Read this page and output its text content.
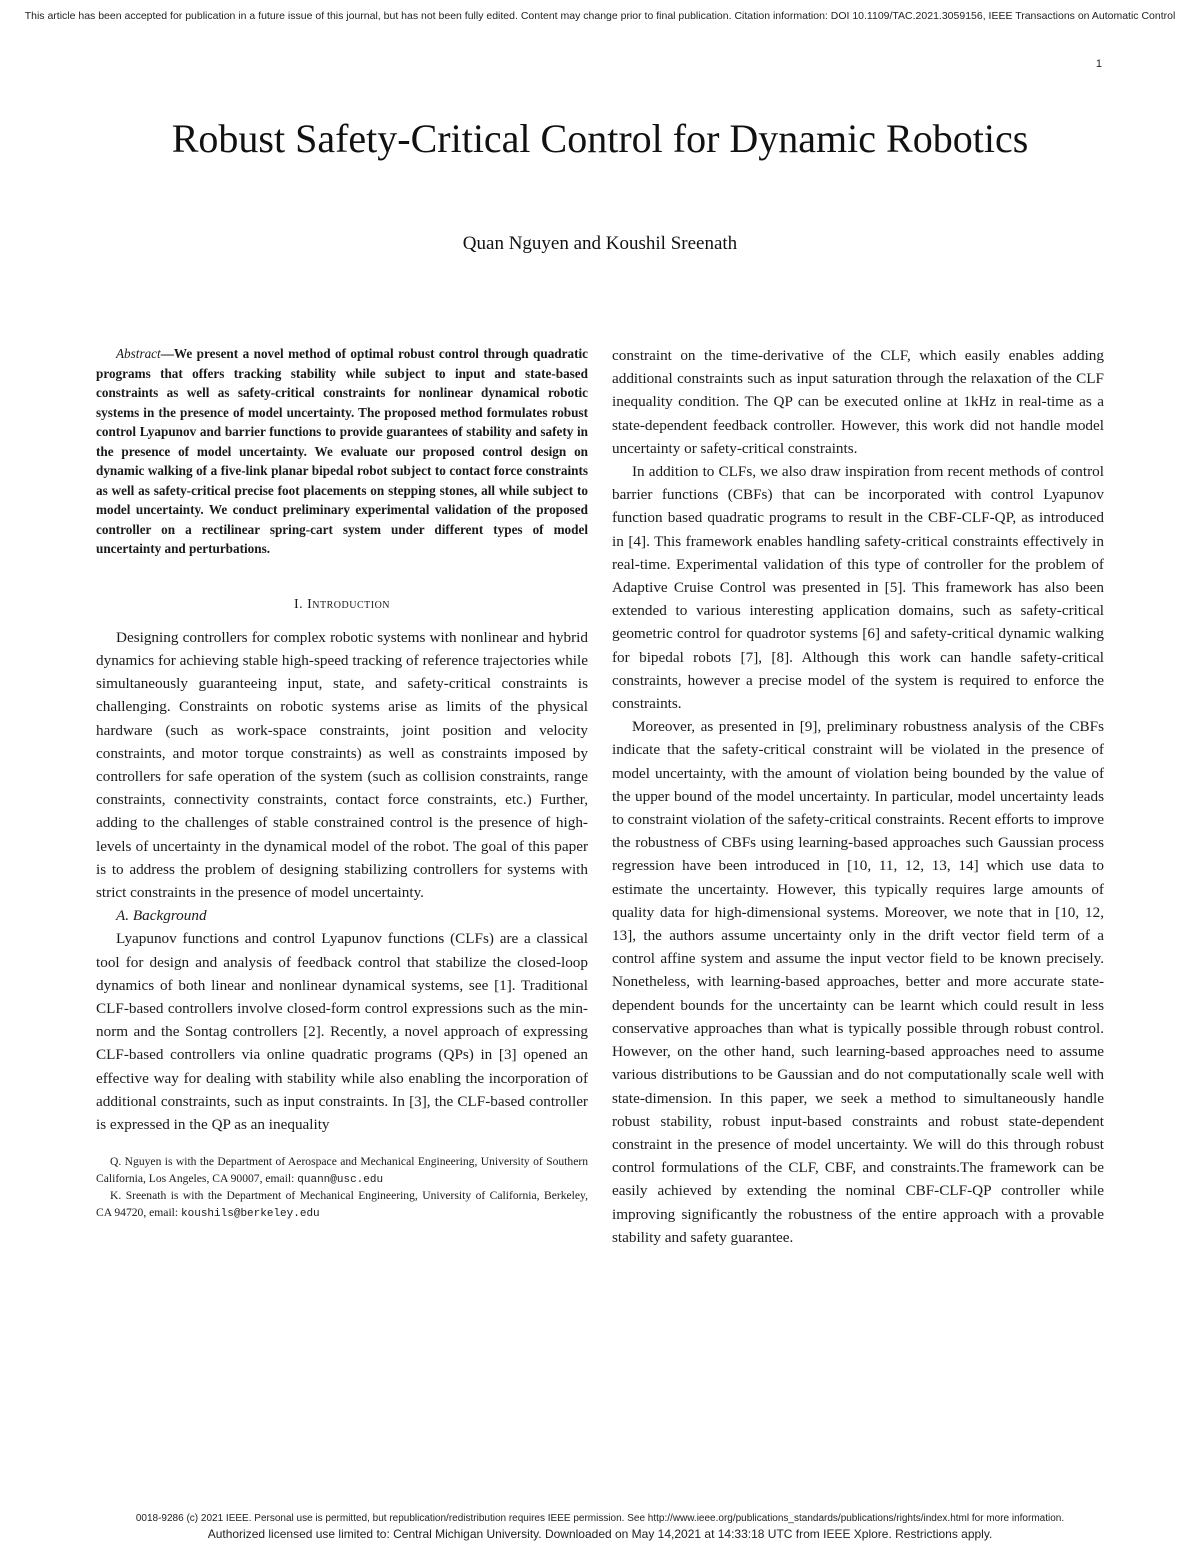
This article has been accepted for publication in a future issue of this journal, but has not been fully edited. Content may change prior to final publication. Citation information: DOI 10.1109/TAC.2021.3059156, IEEE Transactions on Automatic Control
1
Robust Safety-Critical Control for Dynamic Robotics
Quan Nguyen and Koushil Sreenath

Abstract—We present a novel method of optimal robust control through quadratic programs that offers tracking stability while subject to input and state-based constraints as well as safety-critical constraints for nonlinear dynamical robotic systems in the presence of model uncertainty. The proposed method formulates robust control Lyapunov and barrier functions to provide guarantees of stability and safety in the presence of model uncertainty. We evaluate our proposed control design on dynamic walking of a five-link planar bipedal robot subject to contact force constraints as well as safety-critical precise foot placements on stepping stones, all while subject to model uncertainty. We conduct preliminary experimental validation of the proposed controller on a rectilinear spring-cart system under different types of model uncertainty and perturbations.

I. Introduction

Designing controllers for complex robotic systems with nonlinear and hybrid dynamics for achieving stable high-speed tracking of reference trajectories while simultaneously guaranteeing input, state, and safety-critical constraints is challenging. Constraints on robotic systems arise as limits of the physical hardware (such as work-space constraints, joint position and velocity constraints, and motor torque constraints) as well as constraints imposed by controllers for safe operation of the system (such as collision constraints, range constraints, connectivity constraints, contact force constraints, etc.) Further, adding to the challenges of stable constrained control is the presence of high-levels of uncertainty in the dynamical model of the robot. The goal of this paper is to address the problem of designing stabilizing controllers for systems with strict constraints in the presence of model uncertainty.

A. Background

Lyapunov functions and control Lyapunov functions (CLFs) are a classical tool for design and analysis of feedback control that stabilize the closed-loop dynamics of both linear and nonlinear dynamical systems, see [1]. Traditional CLF-based controllers involve closed-form control expressions such as the min-norm and the Sontag controllers [2]. Recently, a novel approach of expressing CLF-based controllers via online quadratic programs (QPs) in [3] opened an effective way for dealing with stability while also enabling the incorporation of additional constraints, such as input constraints. In [3], the CLF-based controller is expressed in the QP as an inequality

Q. Nguyen is with the Department of Aerospace and Mechanical Engineering, University of Southern California, Los Angeles, CA 90007, email: quann@usc.edu

K. Sreenath is with the Department of Mechanical Engineering, University of California, Berkeley, CA 94720, email: koushils@berkeley.edu

constraint on the time-derivative of the CLF, which easily enables adding additional constraints such as input saturation through the relaxation of the CLF inequality condition. The QP can be executed online at 1kHz in real-time as a state-dependent feedback controller. However, this work did not handle model uncertainty or safety-critical constraints.

In addition to CLFs, we also draw inspiration from recent methods of control barrier functions (CBFs) that can be incorporated with control Lyapunov function based quadratic programs to result in the CBF-CLF-QP, as introduced in [4]. This framework enables handling safety-critical constraints effectively in real-time. Experimental validation of this type of controller for the problem of Adaptive Cruise Control was presented in [5]. This framework has also been extended to various interesting application domains, such as safety-critical geometric control for quadrotor systems [6] and safety-critical dynamic walking for bipedal robots [7], [8]. Although this work can handle safety-critical constraints, however a precise model of the system is required to enforce the constraints.

Moreover, as presented in [9], preliminary robustness analysis of the CBFs indicate that the safety-critical constraint will be violated in the presence of model uncertainty, with the amount of violation being bounded by the value of the upper bound of the model uncertainty. In particular, model uncertainty leads to constraint violation of the safety-critical constraints. Recent efforts to improve the robustness of CBFs using learning-based approaches such Gaussian process regression have been introduced in [10, 11, 12, 13, 14] which use data to estimate the uncertainty. However, this typically requires large amounts of quality data for high-dimensional systems. Moreover, we note that in [10, 12, 13], the authors assume uncertainty only in the drift vector field term of a control affine system and assume the input vector field to be known precisely. Nonetheless, with learning-based approaches, better and more accurate state-dependent bounds for the uncertainty can be learnt which could result in less conservative approaches than what is typically possible through robust control. However, on the other hand, such learning-based approaches need to assume various distributions to be Gaussian and do not computationally scale well with state-dimension. In this paper, we seek a method to simultaneously handle robust stability, robust input-based constraints and robust state-dependent constraint in the presence of model uncertainty. We will do this through robust control formulations of the CLF, CBF, and constraints.The framework can be easily achieved by extending the nominal CBF-CLF-QP controller while improving significantly the robustness of the entire approach with a provable stability and safety guarantee.

0018-9286 (c) 2021 IEEE. Personal use is permitted, but republication/redistribution requires IEEE permission. See http://www.ieee.org/publications_standards/publications/rights/index.html for more information.
Authorized licensed use limited to: Central Michigan University. Downloaded on May 14,2021 at 14:33:18 UTC from IEEE Xplore. Restrictions apply.
